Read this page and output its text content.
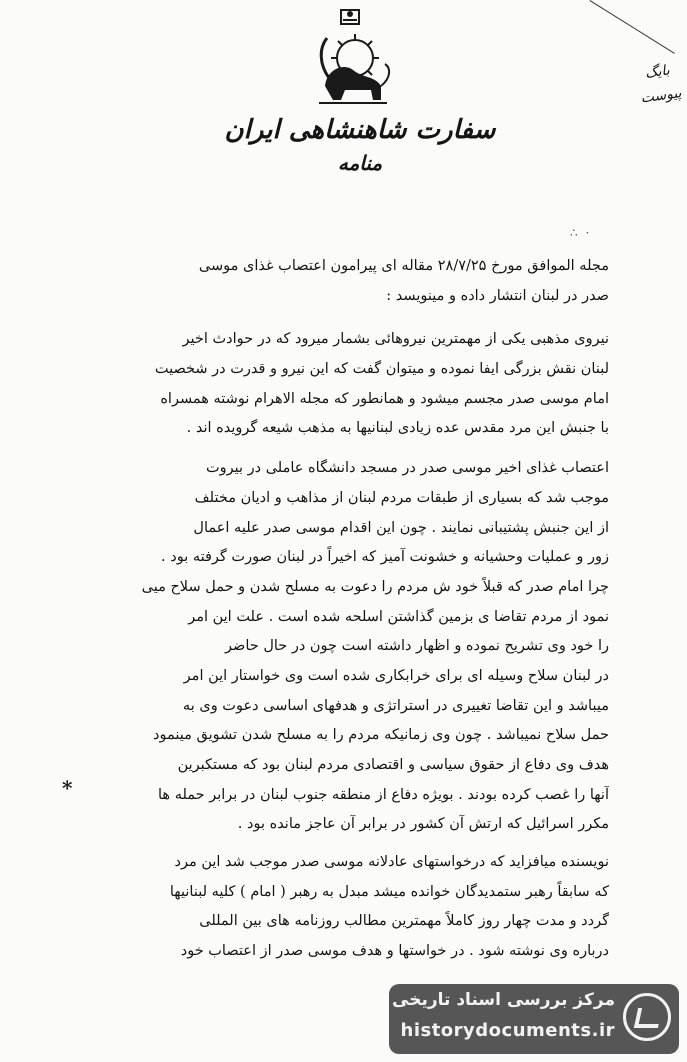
بایگ
پیوست
سفارت شاهنشاهی ایران
منامه
∴ ·
مجله الموافق مورخ ۲۸/۷/۲۵ مقاله ای پیرامون اعتصاب غذای موسی
صدر در لبنان انتشار داده و مینویسد :
نیروی مذهبی یکی از مهمترین نیروهائی بشمار میرود که در حوادث اخیر
لبنان نقش بزرگی ایفا نموده و میتوان گفت که این نیرو و قدرت در شخصیت
امام موسی صدر مجسم میشود و همانطور که مجله الاهرام نوشته همسراه
با جنبش این مرد مقدس عده زیادی لبنانیها به مذهب شیعه گرویده اند .
اعتصاب غذای اخیر موسی صدر در مسجد دانشگاه عاملی در بیروت
موجب شد که بسیاری از طبقات مردم لبنان از مذاهب و ادیان مختلف
از این جنبش پشتیبانی نمایند . چون این اقدام موسی صدر علیه اعمال
زور و عملیات وحشیانه و خشونت آمیز که اخیراً در لبنان صورت گرفته بود .
چرا امام صدر که قبلاً خود ش مردم را دعوت به مسلح شدن و حمل سلاح میی
نمود از مردم تقاضا ی بزمین گذاشتن اسلحه شده است . علت این امر
را خود وی تشریح نموده و اظهار داشته است چون در حال حاضر
در لبنان سلاح وسیله ای برای خرابکاری شده است وی خواستار این امر
میباشد و این تقاضا تغییری در استراتژی و هدفهای اساسی دعوت وی به
حمل سلاح نمیباشد . چون وی زمانیکه مردم را به مسلح شدن تشویق مینمود
هدف وی دفاع از حقوق سیاسی و اقتصادی مردم لبنان بود که مستکبرین
آنها را غصب کرده بودند . بویژه دفاع از منطقه جنوب لبنان در برابر حمله ها
مکرر اسرائیل که ارتش آن کشور در برابر آن عاجز مانده بود .
نویسنده میافزاید که درخواستهای عادلانه موسی صدر موجب شد این مرد
که سابقاً رهبر ستمدیدگان خوانده میشد مبدل به رهبر ( امام ) کلیه لبنانیها
گردد و مدت چهار روز کاملاً مهمترین مطالب روزنامه های بین المللی
درباره وی نوشته شود . در خواستها و هدف موسی صدر از اعتصاب خود
*
مرکز بررسی اسناد تاریخی
historydocuments.ir
